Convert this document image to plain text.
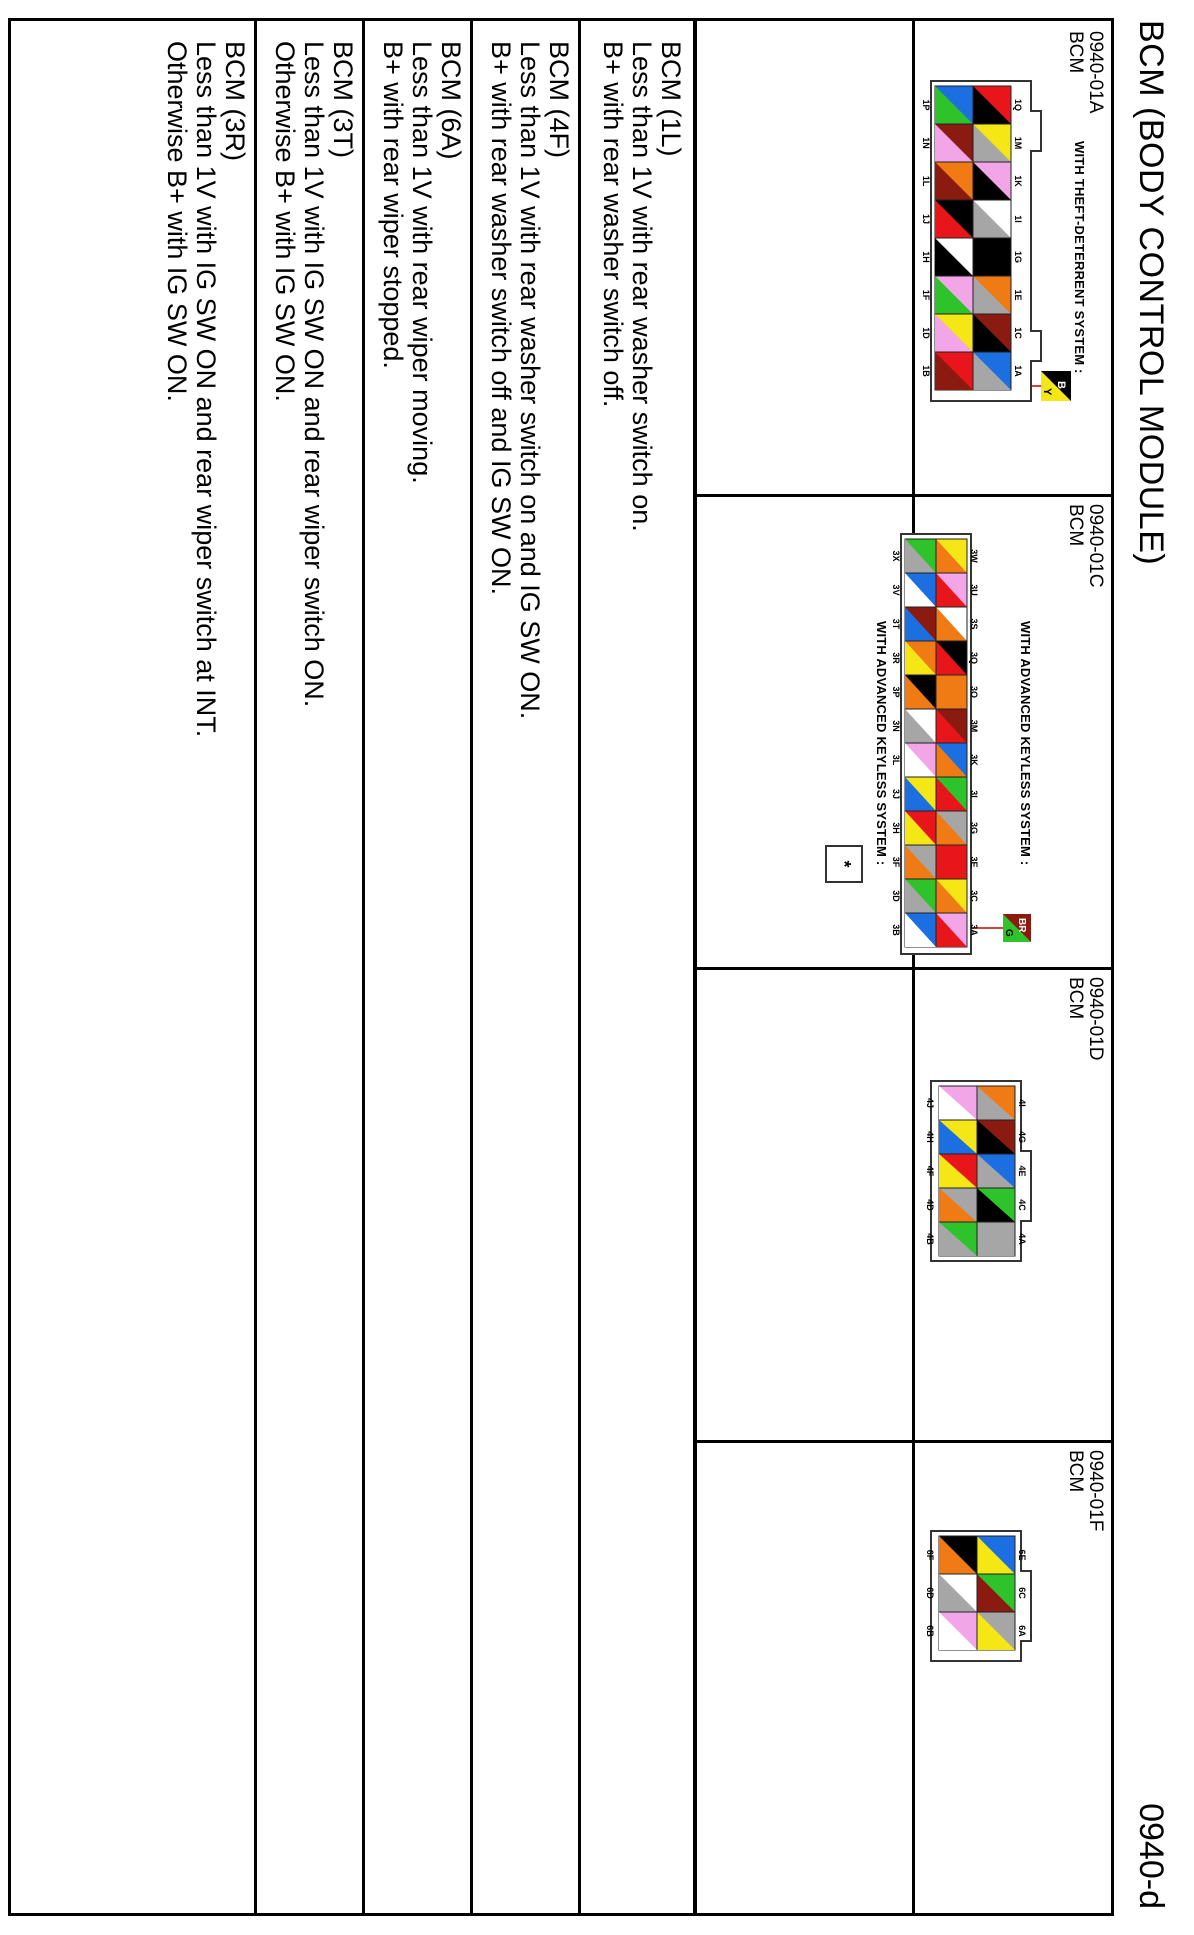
BCM (BODY CONTROL MODULE)
0940-d
0940-01A
BCM
WITH THEFT-DETERRENT SYSTEM :
B
Y
1Q
1M
1K
1I
1G
1E
1C
1A
1P
1N
1L
1J
1H
1F
1D
1B
0940-01C
BCM
WITH ADVANCED KEYLESS SYSTEM :
BR
G
3W
3U
3S
3Q
3O
3M
3K
3I
3G
3E
3C
3A
3X
3V
3T
3R
3P
3N
3L
3J
3H
3F
3D
3B
WITH ADVANCED KEYLESS SYSTEM :
*
0940-01D
BCM
4I
4G
4E
4C
4A
4J
4H
4F
4D
4B
0940-01F
BCM
6E
6C
6A
6F
6D
6B
BCM (1L)
Less than 1V with rear washer switch on.
B+ with rear washer switch off.
BCM (4F)
Less than 1V with rear washer switch on and IG SW ON.
B+ with rear washer switch off and IG SW ON.
BCM (6A)
Less than 1V with rear wiper moving.
B+ with rear wiper stopped.
BCM (3T)
Less than 1V with IG SW ON and rear wiper switch ON.
Otherwise B+ with IG SW ON.
BCM (3R)
Less than 1V with IG SW ON and rear wiper switch at INT.
Otherwise B+ with IG SW ON.
